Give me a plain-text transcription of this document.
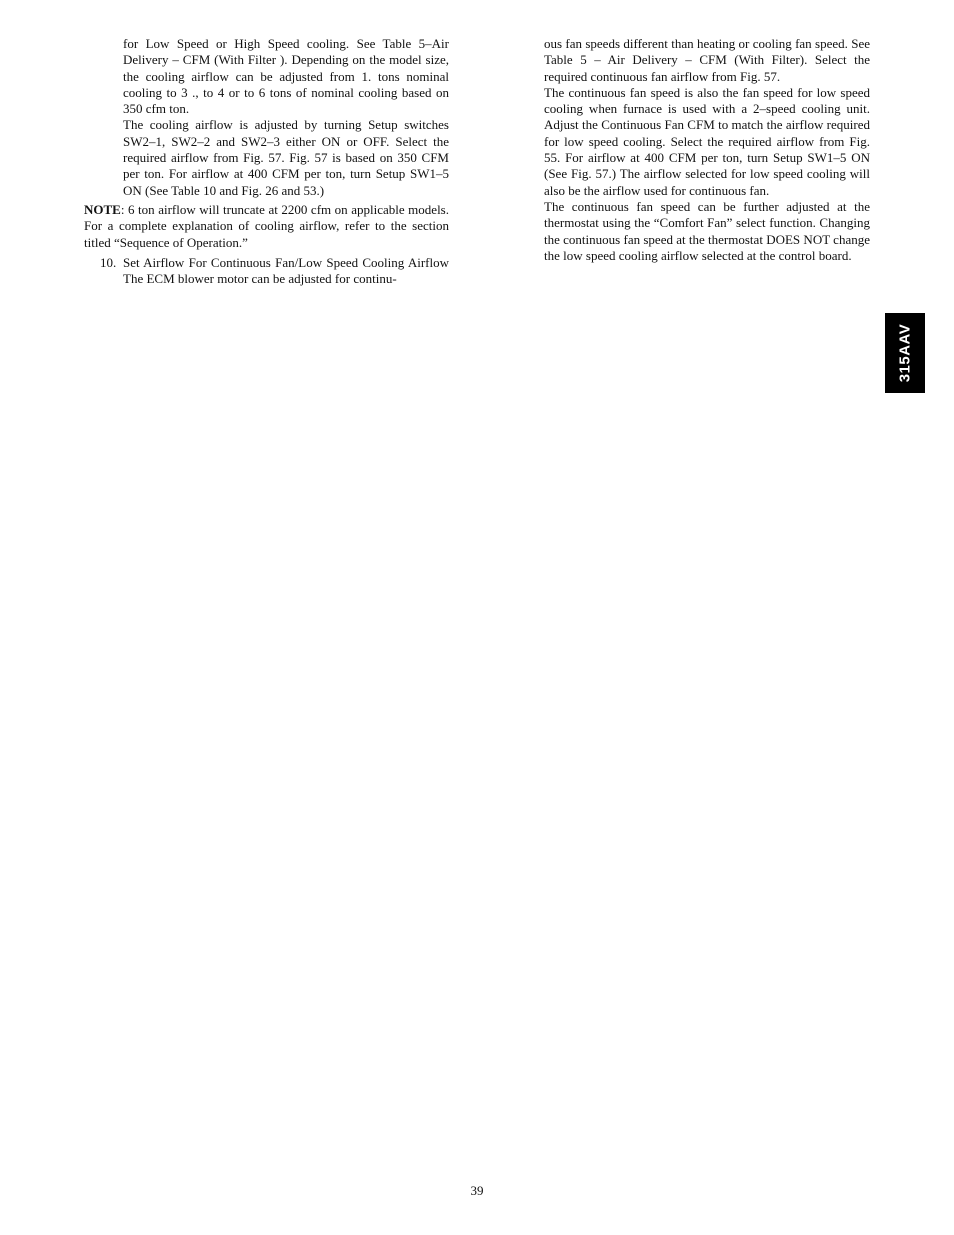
for Low Speed or High Speed cooling. See Table 5–Air Delivery – CFM (With Filter ). Depending on the model size, the cooling airflow can be adjusted from 1. tons nominal cooling to 3 ., to 4 or to 6 tons of nominal cooling based on 350 cfm ton.

The cooling airflow is adjusted by turning Setup switches SW2–1, SW2–2 and SW2–3 either ON or OFF. Select the required airflow from Fig. 57. Fig. 57 is based on 350 CFM per ton. For airflow at 400 CFM per ton, turn Setup SW1–5 ON (See Table 10 and Fig. 26 and 53.)

NOTE: 6 ton airflow will truncate at 2200 cfm on applicable models. For a complete explanation of cooling airflow, refer to the section titled “Sequence of Operation.”

10. Set Airflow For Continuous Fan/Low Speed Cooling Airflow The ECM blower motor can be adjusted for continu-

ous fan speeds different than heating or cooling fan speed. See Table 5 – Air Delivery – CFM (With Filter). Select the required continuous fan airflow from Fig. 57.

The continuous fan speed is also the fan speed for low speed cooling when furnace is used with a 2–speed cooling unit. Adjust the Continuous Fan CFM to match the airflow required for low speed cooling. Select the required airflow from Fig. 55. For airflow at 400 CFM per ton, turn Setup SW1–5 ON (See Fig. 57.) The airflow selected for low speed cooling will also be the airflow used for continuous fan.

The continuous fan speed can be further adjusted at the thermostat using the “Comfort Fan” select function. Changing the continuous fan speed at the thermostat DOES NOT change the low speed cooling airflow selected at the control board.

315AAV
39
